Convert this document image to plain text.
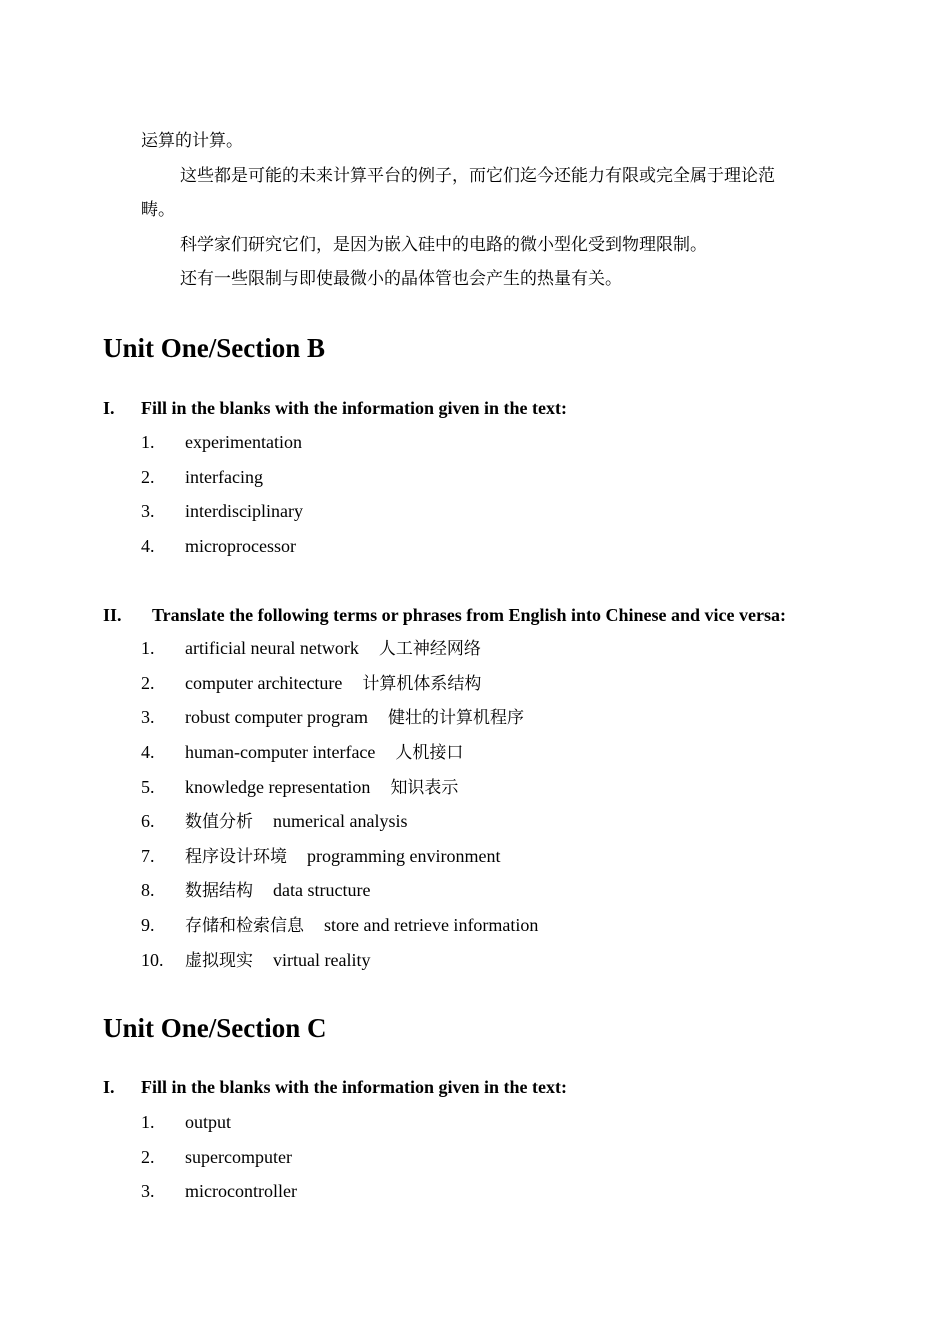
运算的计算。
这些都是可能的未来计算平台的例子，而它们迄今还能力有限或完全属于理论范
畴。
科学家们研究它们，是因为嵌入硅中的电路的微小型化受到物理限制。
还有一些限制与即使最微小的晶体管也会产生的热量有关。
Unit One/Section B
I. Fill in the blanks with the information given in the text:
1. experimentation
2. interfacing
3. interdisciplinary
4. microprocessor
II. Translate the following terms or phrases from English into Chinese and vice versa:
1. artificial neural network 人工神经网络
2. computer architecture 计算机体系结构
3. robust computer program 健壮的计算机程序
4. human-computer interface 人机接口
5. knowledge representation 知识表示
6. 数值分析 numerical analysis
7. 程序设计环境 programming environment
8. 数据结构 data structure
9. 存储和检索信息 store and retrieve information
10. 虚拟现实 virtual reality
Unit One/Section C
I. Fill in the blanks with the information given in the text:
1. output
2. supercomputer
3. microcontroller
